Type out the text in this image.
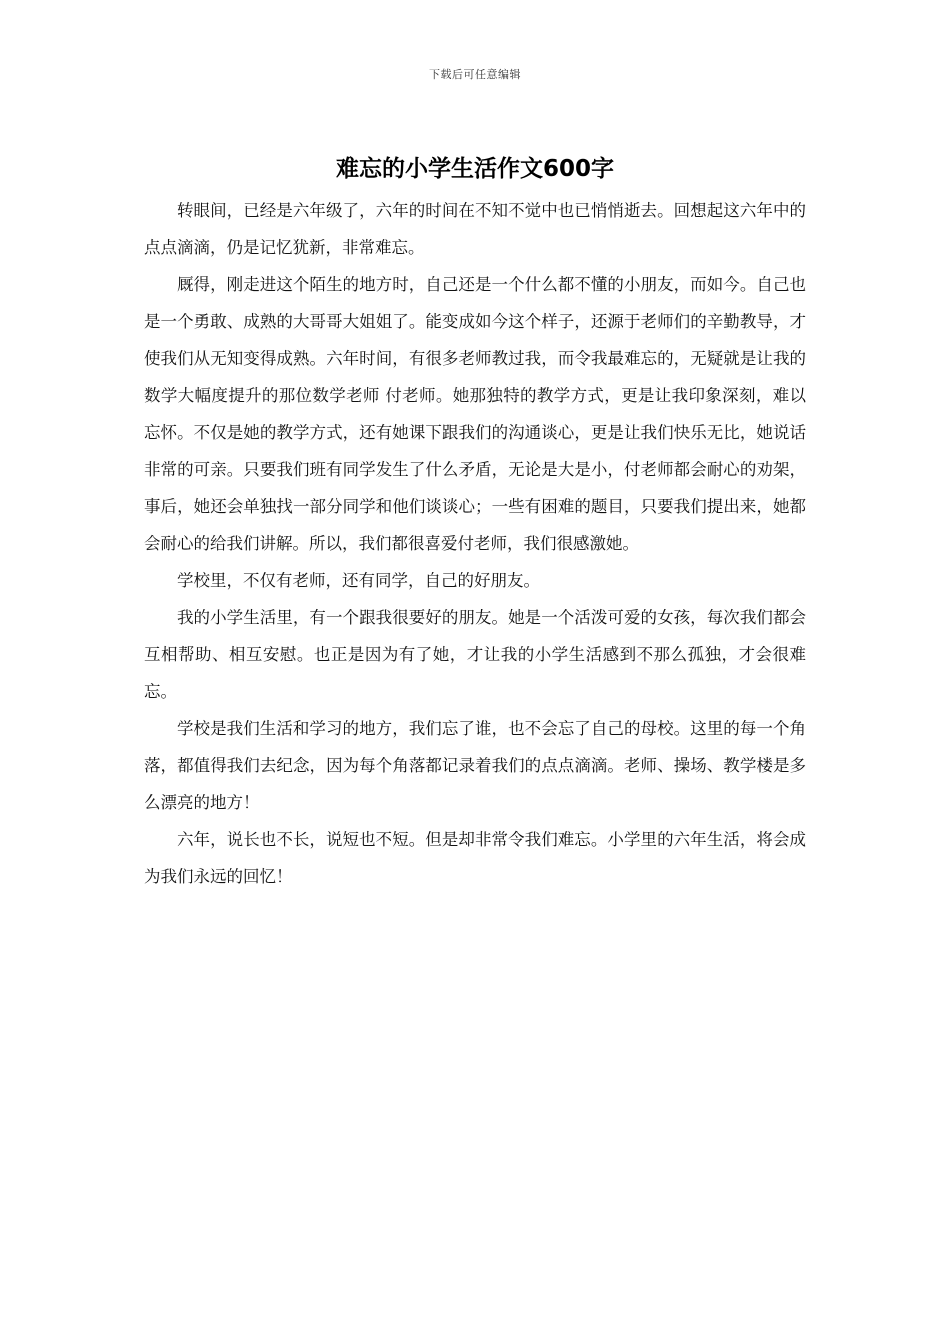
下载后可任意编辑
难忘的小学生活作文600字

转眼间，已经是六年级了，六年的时间在不知不觉中也已悄悄逝去。回想起这六年中的点点滴滴，仍是记忆犹新，非常难忘。

厩得，刚走进这个陌生的地方时，自己还是一个什么都不懂的小朋友，而如今。自己也是一个勇敢、成熟的大哥哥大姐姐了。能变成如今这个样子，还源于老师们的辛勤教导，才使我们从无知变得成熟。六年时间，有很多老师教过我，而令我最难忘的，无疑就是让我的数学大幅度提升的那位数学老师 付老师。她那独特的教学方式，更是让我印象深刻，难以忘怀。不仅是她的教学方式，还有她课下跟我们的沟通谈心，更是让我们快乐无比，她说话非常的可亲。只要我们班有同学发生了什么矛盾，无论是大是小，付老师都会耐心的劝架，事后，她还会单独找一部分同学和他们谈谈心；一些有困难的题目，只要我们提出来，她都会耐心的给我们讲解。所以，我们都很喜爱付老师，我们很感激她。

学校里，不仅有老师，还有同学，自己的好朋友。

我的小学生活里，有一个跟我很要好的朋友。她是一个活泼可爱的女孩，每次我们都会互相帮助、相互安慰。也正是因为有了她，才让我的小学生活感到不那么孤独，才会很难忘。

学校是我们生活和学习的地方，我们忘了谁，也不会忘了自己的母校。这里的每一个角落，都值得我们去纪念，因为每个角落都记录着我们的点点滴滴。老师、操场、教学楼是多么漂亮的地方！

六年，说长也不长，说短也不短。但是却非常令我们难忘。小学里的六年生活，将会成为我们永远的回忆！
